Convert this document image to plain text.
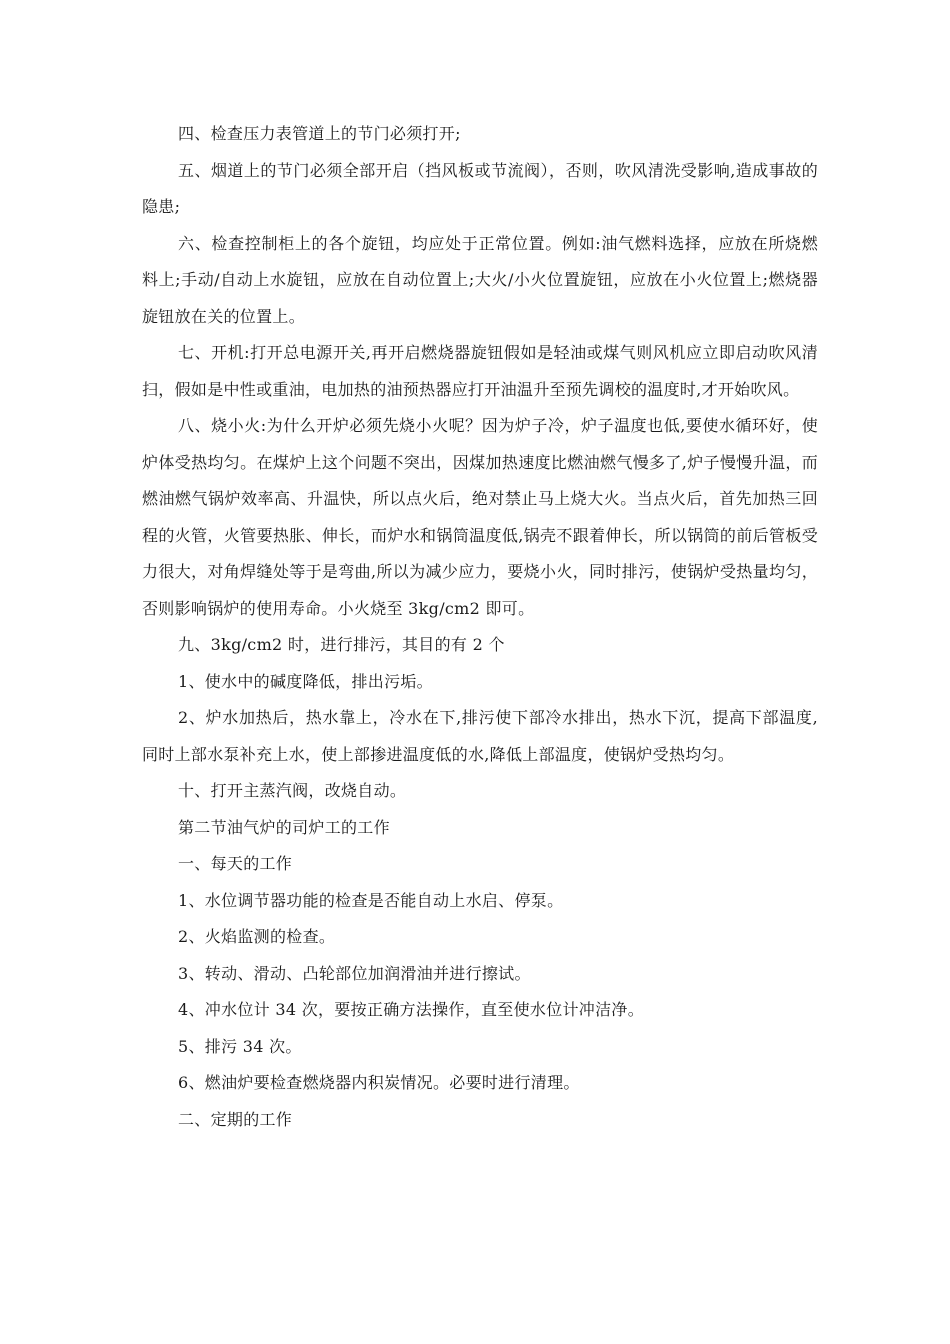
四、检查压力表管道上的节门必须打开;

五、烟道上的节门必须全部开启（挡风板或节流阀），否则，吹风清洗受影响,造成事故的隐患;

六、检查控制柜上的各个旋钮，均应处于正常位置。例如:油气燃料选择，应放在所烧燃料上;手动/自动上水旋钮，应放在自动位置上;大火/小火位置旋钮，应放在小火位置上;燃烧器旋钮放在关的位置上。

七、开机:打开总电源开关,再开启燃烧器旋钮假如是轻油或煤气则风机应立即启动吹风清扫，假如是中性或重油，电加热的油预热器应打开油温升至预先调校的温度时,才开始吹风。

八、烧小火:为什么开炉必须先烧小火呢？因为炉子冷，炉子温度也低,要使水循环好，使炉体受热均匀。在煤炉上这个问题不突出，因煤加热速度比燃油燃气慢多了,炉子慢慢升温，而燃油燃气锅炉效率高、升温快，所以点火后，绝对禁止马上烧大火。当点火后，首先加热三回程的火管，火管要热胀、伸长，而炉水和锅筒温度低,锅壳不跟着伸长，所以锅筒的前后管板受力很大，对角焊缝处等于是弯曲,所以为减少应力，要烧小火，同时排污，使锅炉受热量均匀，否则影响锅炉的使用寿命。小火烧至 3kg/cm2 即可。

九、3kg/cm2 时，进行排污，其目的有 2 个

1、使水中的碱度降低，排出污垢。

2、炉水加热后，热水靠上，冷水在下,排污使下部冷水排出，热水下沉，提高下部温度,同时上部水泵补充上水，使上部掺进温度低的水,降低上部温度，使锅炉受热均匀。

十、打开主蒸汽阀，改烧自动。

第二节油气炉的司炉工的工作

一、每天的工作

1、水位调节器功能的检查是否能自动上水启、停泵。

2、火焰监测的检查。

3、转动、滑动、凸轮部位加润滑油并进行擦试。

4、冲水位计 34 次，要按正确方法操作，直至使水位计冲洁净。

5、排污 34 次。

6、燃油炉要检查燃烧器内积炭情况。必要时进行清理。

二、定期的工作
